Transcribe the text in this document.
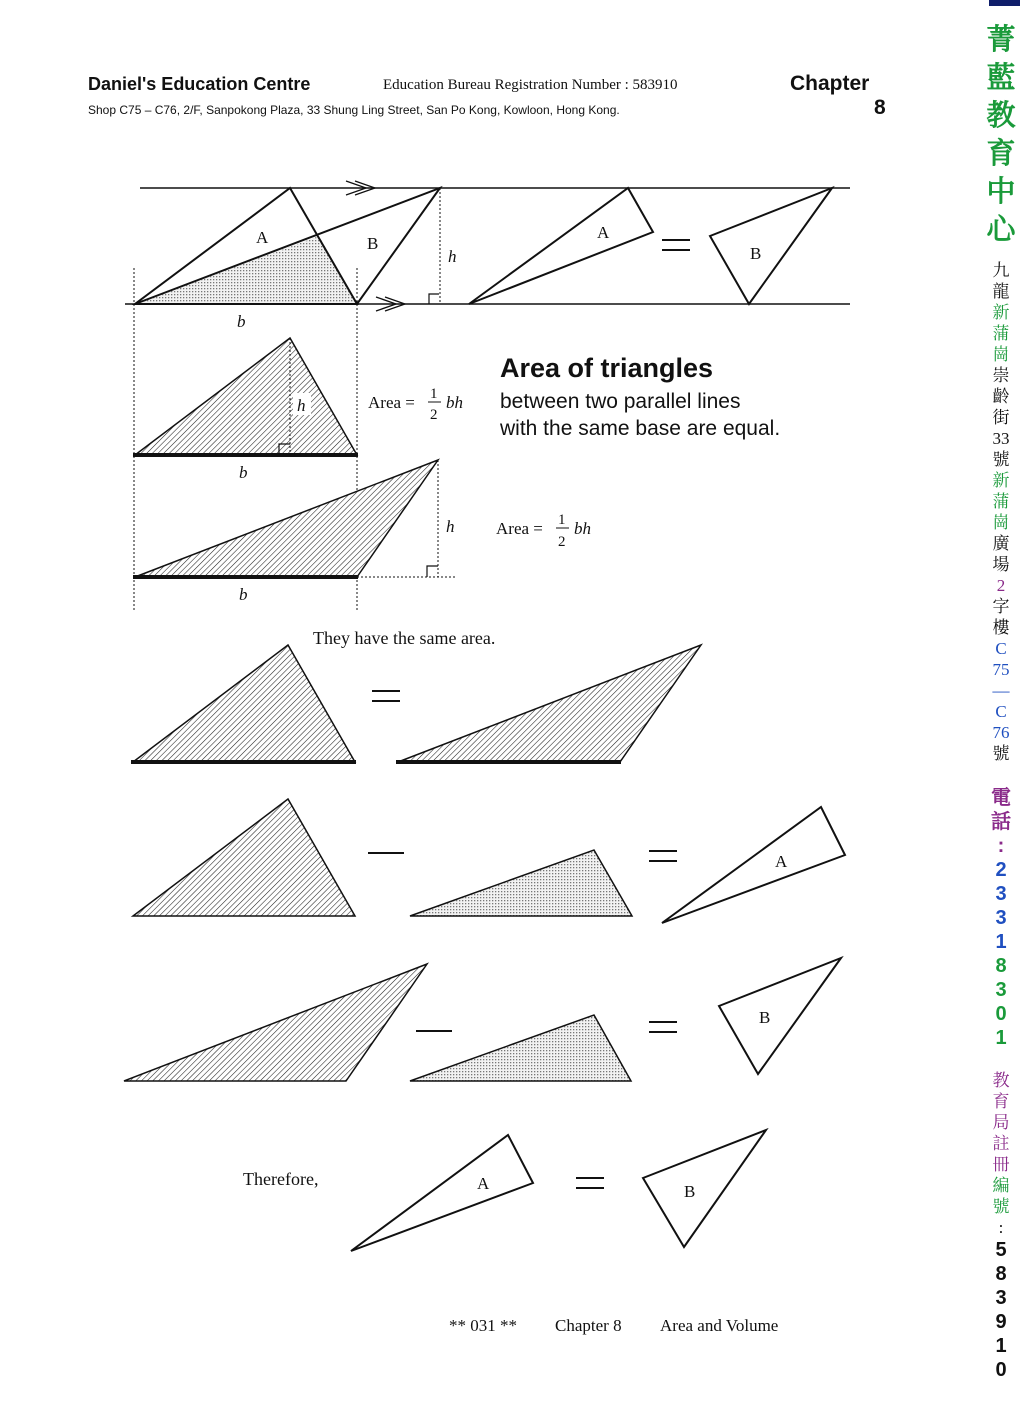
Daniel's Education Centre	Education Bureau Registration Number : 583910
Shop C75 – C76, 2/F, Sanpokong Plaza, 33 Shung Ling Street, San Po Kong, Kowloon, Hong Kong.
Chapter
8
A	B
h
b
A
B
h
b
Area = 1
2
bh
h
b
Area = 1
2
bh
Area of triangles
between two parallel lines
with the same base are equal.
They have the same area.
A
B
Therefore,	A	B
** 031 ** Chapter 8 Area and Volume
菁
藍
教
育
中
心
九
龍
新
蒲
崗
崇
齡
街
33
號
新
蒲
崗
廣
場
2
字
樓
C
75
—
C
76
號
電
話
:
2
3
3
1
8
3
0
1
教
育
局
註
冊
編
號
:
5
8
3
9
1
0
